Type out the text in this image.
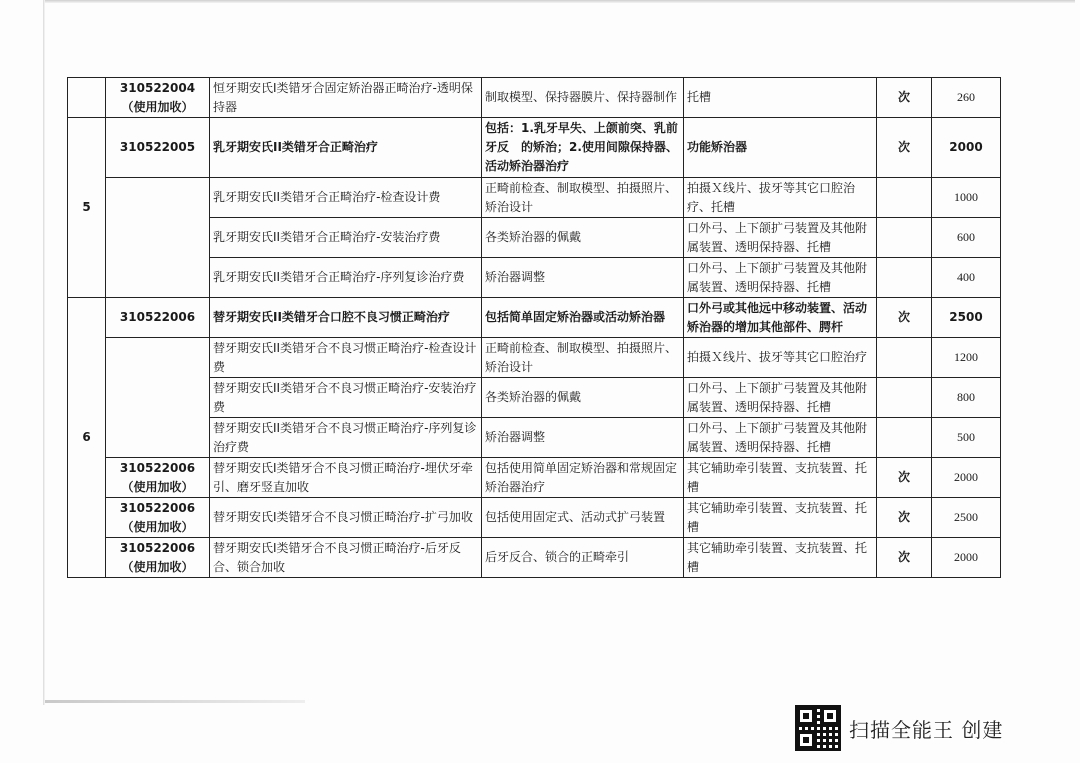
	310522004（使用加收）	恒牙期安氏Ⅰ类错牙合固定矫治器正畸治疗-透明保持器	制取模型、保持器膜片、保持器制作	托槽	次	260
5	310522005	乳牙期安氏II类错牙合正畸治疗	包括：1.乳牙早失、上颌前突、乳前牙反　的矫治；2.使用间隙保持器、活动矫治器治疗	功能矫治器	次	2000
		乳牙期安氏II类错牙合正畸治疗-检查设计费	正畸前检查、制取模型、拍摄照片、矫治设计	拍摄Ｘ线片、拔牙等其它口腔治疗、托槽		1000
		乳牙期安氏II类错牙合正畸治疗-安装治疗费	各类矫治器的佩戴	口外弓、上下颌扩弓装置及其他附属装置、透明保持器、托槽		600
		乳牙期安氏II类错牙合正畸治疗-序列复诊治疗费	矫治器调整	口外弓、上下颌扩弓装置及其他附属装置、透明保持器、托槽		400
6	310522006	替牙期安氏II类错牙合口腔不良习惯正畸治疗	包括简单固定矫治器或活动矫治器	口外弓或其他远中移动装置、活动矫治器的增加其他部件、腭杆	次	2500
		替牙期安氏II类错牙合不良习惯正畸治疗-检查设计费	正畸前检查、制取模型、拍摄照片、矫治设计	拍摄Ｘ线片、拔牙等其它口腔治疗		1200
		替牙期安氏II类错牙合不良习惯正畸治疗-安装治疗费	各类矫治器的佩戴	口外弓、上下颌扩弓装置及其他附属装置、透明保持器、托槽		800
		替牙期安氏II类错牙合不良习惯正畸治疗-序列复诊治疗费	矫治器调整	口外弓、上下颌扩弓装置及其他附属装置、透明保持器、托槽		500
	310522006（使用加收）	替牙期安氏Ⅰ类错牙合不良习惯正畸治疗-埋伏牙牵引、磨牙竖直加收	包括使用简单固定矫治器和常规固定矫治器治疗	其它辅助牵引装置、支抗装置、托槽	次	2000
	310522006（使用加收）	替牙期安氏Ⅰ类错牙合不良习惯正畸治疗-扩弓加收	包括使用固定式、活动式扩弓装置	其它辅助牵引装置、支抗装置、托槽	次	2500
	310522006（使用加收）	替牙期安氏Ⅰ类错牙合不良习惯正畸治疗-后牙反合、锁合加收	后牙反合、锁合的正畸牵引	其它辅助牵引装置、支抗装置、托槽	次	2000
扫描全能王 创建
